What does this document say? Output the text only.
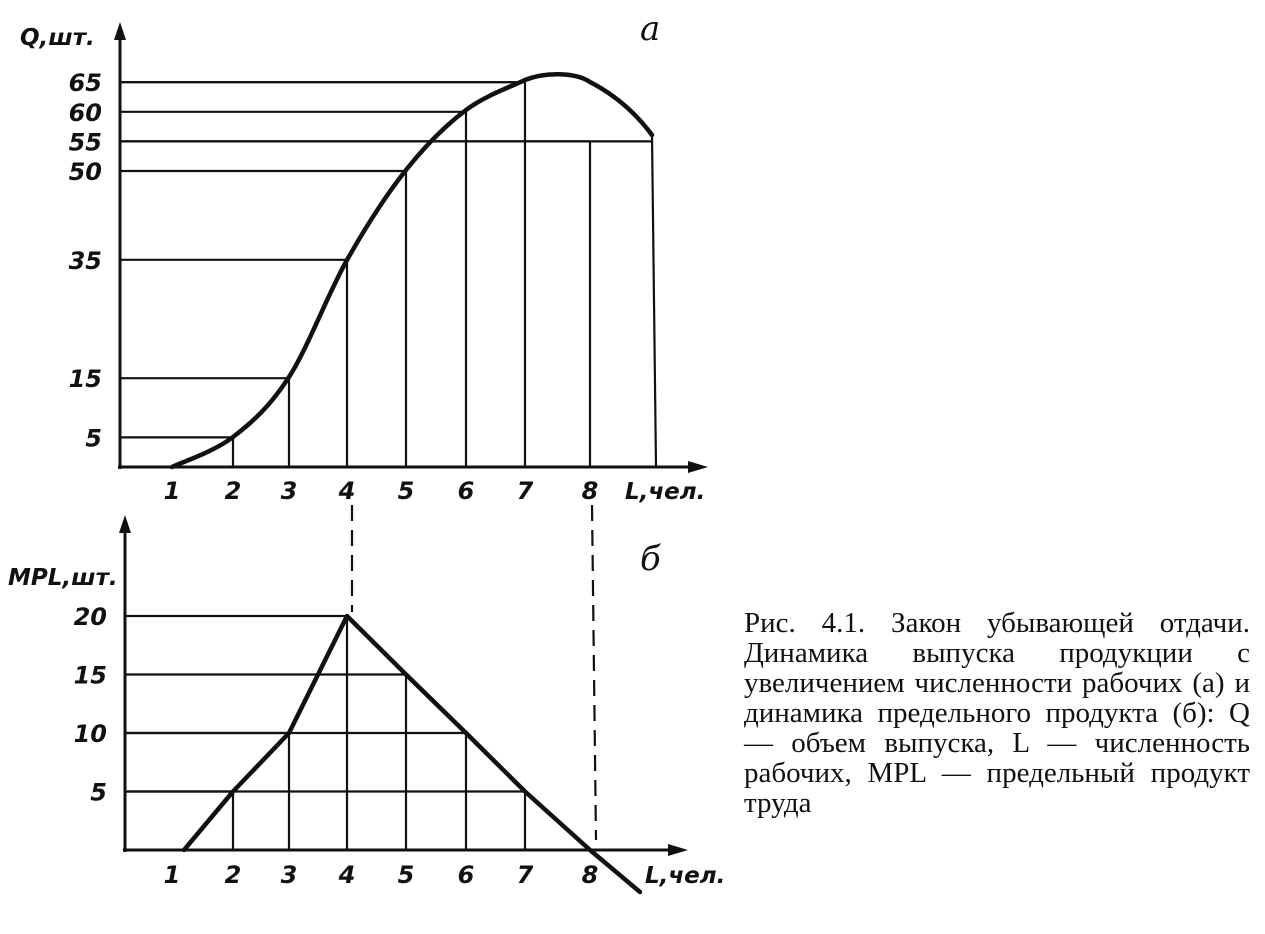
5
15
35
50
55
60
65
1 2 3 4 5 6 7 8
Q,шт.
L,чел.
а
5
10
15
20
1 2 3 4 5 6 7 8
MPL,шт.
L,чел.
б

Рис. 4.1. Закон убывающей отдачи. Динамика выпуска продукции с увеличением численности рабочих (а) и динамика предельного продукта (б): Q — объем выпуска, L — численность рабочих, MPL — предельный продукт труда
